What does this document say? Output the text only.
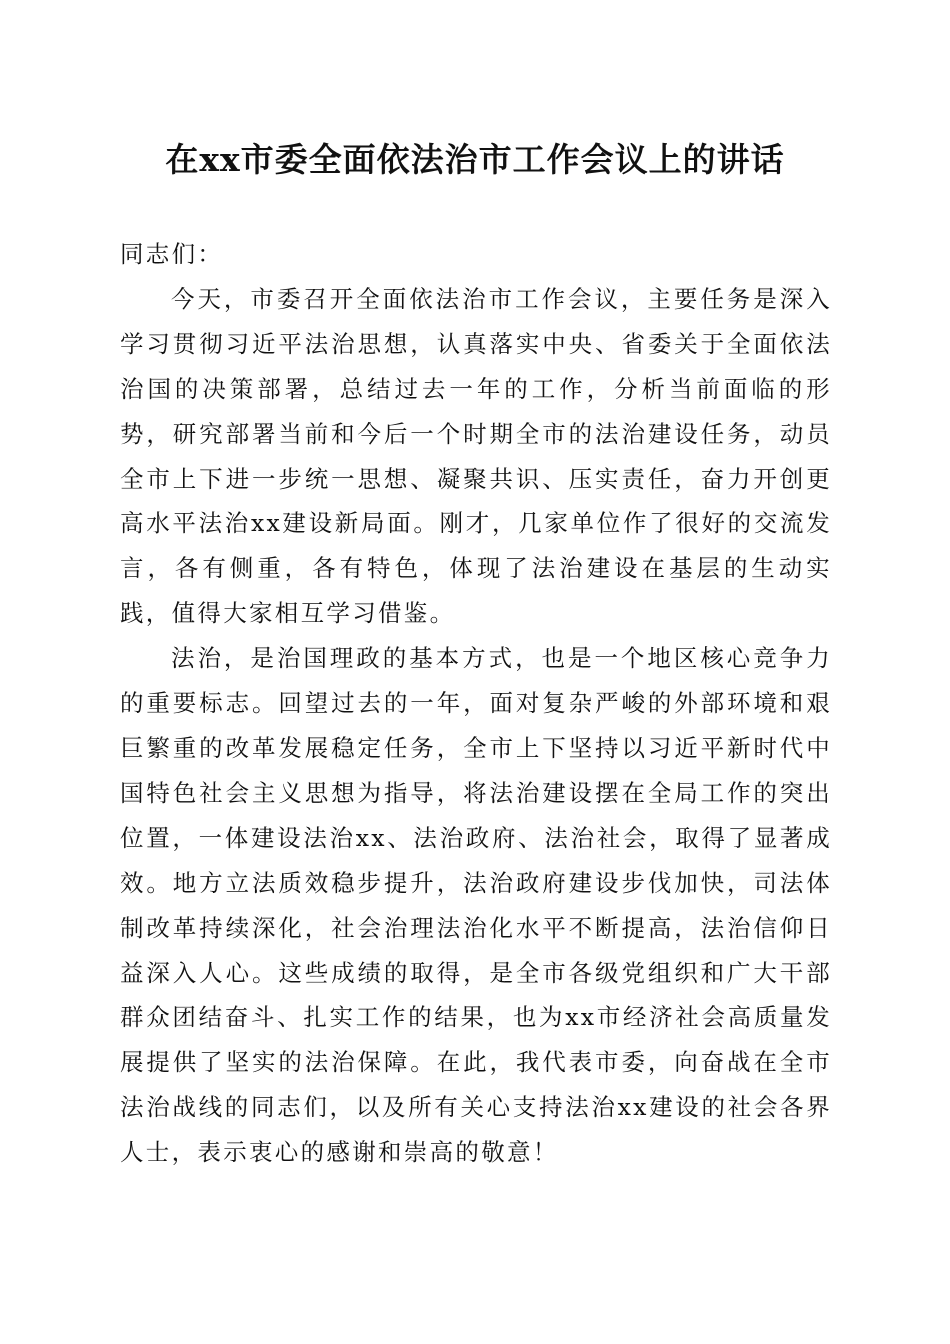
在xx市委全面依法治市工作会议上的讲话

同志们：

今天，市委召开全面依法治市工作会议，主要任务是深入学习贯彻习近平法治思想，认真落实中央、省委关于全面依法治国的决策部署，总结过去一年的工作，分析当前面临的形势，研究部署当前和今后一个时期全市的法治建设任务，动员全市上下进一步统一思想、凝聚共识、压实责任，奋力开创更高水平法治xx建设新局面。刚才，几家单位作了很好的交流发言，各有侧重，各有特色，体现了法治建设在基层的生动实践，值得大家相互学习借鉴。

法治，是治国理政的基本方式，也是一个地区核心竞争力的重要标志。回望过去的一年，面对复杂严峻的外部环境和艰巨繁重的改革发展稳定任务，全市上下坚持以习近平新时代中国特色社会主义思想为指导，将法治建设摆在全局工作的突出位置，一体建设法治xx、法治政府、法治社会，取得了显著成效。地方立法质效稳步提升，法治政府建设步伐加快，司法体制改革持续深化，社会治理法治化水平不断提高，法治信仰日益深入人心。这些成绩的取得，是全市各级党组织和广大干部群众团结奋斗、扎实工作的结果，也为xx市经济社会高质量发展提供了坚实的法治保障。在此，我代表市委，向奋战在全市法治战线的同志们，以及所有关心支持法治xx建设的社会各界人士，表示衷心的感谢和崇高的敬意！
